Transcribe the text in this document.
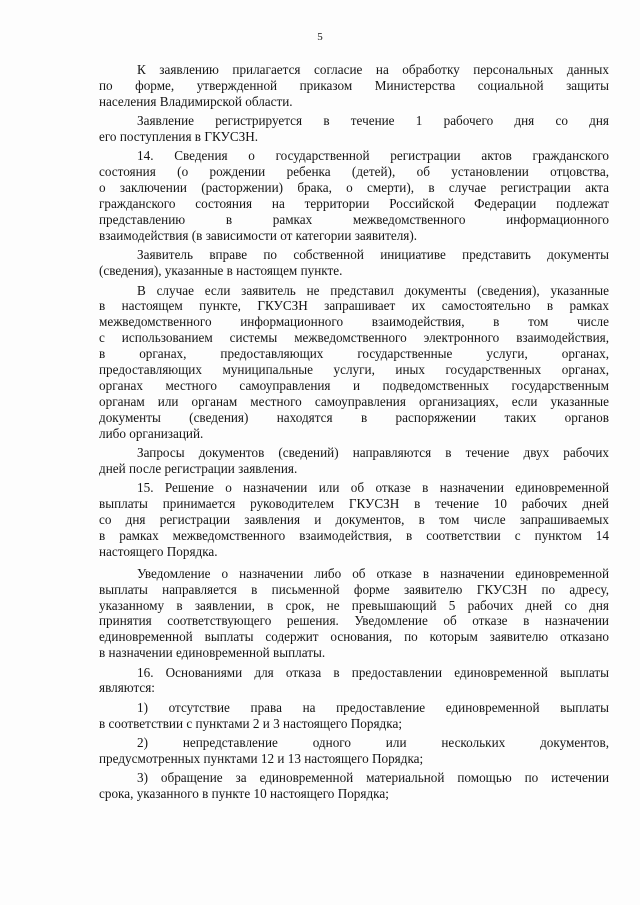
5
К заявлению прилагается согласие на обработку персональных данных
по форме, утвержденной приказом Министерства социальной защиты
населения Владимирской области.
Заявление регистрируется в течение 1 рабочего дня со дня
его поступления в ГКУСЗН.
14. Сведения о государственной регистрации актов гражданского
состояния (о рождении ребенка (детей), об установлении отцовства,
о заключении (расторжении) брака, о смерти), в случае регистрации акта
гражданского состояния на территории Российской Федерации подлежат
представлению в рамках межведомственного информационного
взаимодействия (в зависимости от категории заявителя).
Заявитель вправе по собственной инициативе представить документы
(сведения), указанные в настоящем пункте.
В случае если заявитель не представил документы (сведения), указанные
в настоящем пункте, ГКУСЗН запрашивает их самостоятельно в рамках
межведомственного информационного взаимодействия, в том числе
с использованием системы межведомственного электронного взаимодействия,
в органах, предоставляющих государственные услуги, органах,
предоставляющих муниципальные услуги, иных государственных органах,
органах местного самоуправления и подведомственных государственным
органам или органам местного самоуправления организациях, если указанные
документы (сведения) находятся в распоряжении таких органов
либо организаций.
Запросы документов (сведений) направляются в течение двух рабочих
дней после регистрации заявления.
15. Решение о назначении или об отказе в назначении единовременной
выплаты принимается руководителем ГКУСЗН в течение 10 рабочих дней
со дня регистрации заявления и документов, в том числе запрашиваемых
в рамках межведомственного взаимодействия, в соответствии с пунктом 14
настоящего Порядка.
Уведомление о назначении либо об отказе в назначении единовременной
выплаты направляется в письменной форме заявителю ГКУСЗН по адресу,
указанному в заявлении, в срок, не превышающий 5 рабочих дней со дня
принятия соответствующего решения. Уведомление об отказе в назначении
единовременной выплаты содержит основания, по которым заявителю отказано
в назначении единовременной выплаты.
16. Основаниями для отказа в предоставлении единовременной выплаты
являются:
1) отсутствие права на предоставление единовременной выплаты
в соответствии с пунктами 2 и 3 настоящего Порядка;
2) непредставление одного или нескольких документов,
предусмотренных пунктами 12 и 13 настоящего Порядка;
3) обращение за единовременной материальной помощью по истечении
срока, указанного в пункте 10 настоящего Порядка;
